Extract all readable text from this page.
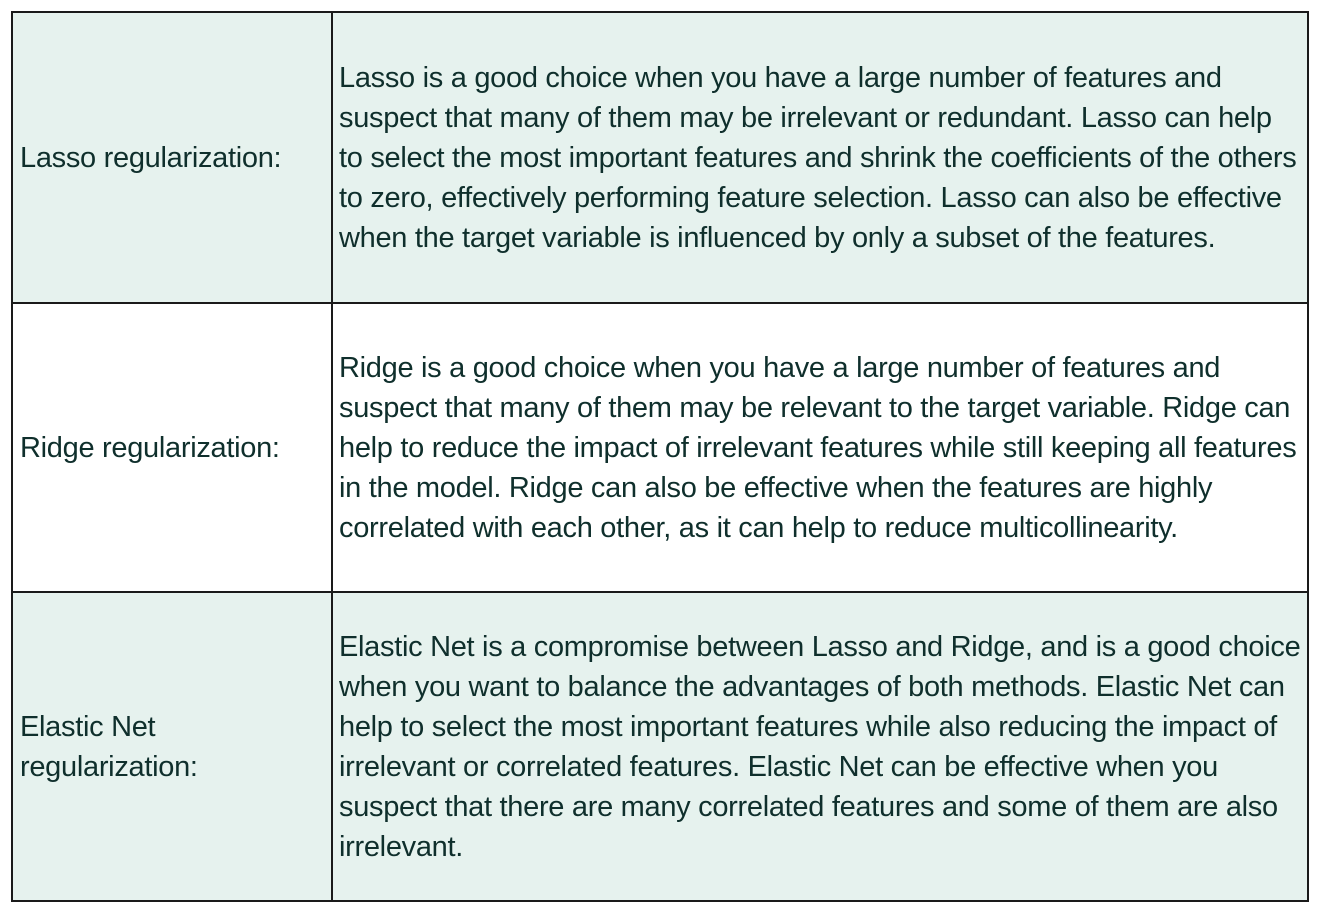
Lasso regularization:
Lasso is a good choice when you have a large number of features and suspect that many of them may be irrelevant or redundant. Lasso can help to select the most important features and shrink the coefficients of the others to zero, effectively performing feature selection. Lasso can also be effective when the target variable is influenced by only a subset of the features.
Ridge regularization:
Ridge is a good choice when you have a large number of features and suspect that many of them may be relevant to the target variable. Ridge can help to reduce the impact of irrelevant features while still keeping all features in the model. Ridge can also be effective when the features are highly correlated with each other, as it can help to reduce multicollinearity.
Elastic Net regularization:
Elastic Net is a compromise between Lasso and Ridge, and is a good choice when you want to balance the advantages of both methods. Elastic Net can help to select the most important features while also reducing the impact of irrelevant or correlated features. Elastic Net can be effective when you suspect that there are many correlated features and some of them are also irrelevant.
